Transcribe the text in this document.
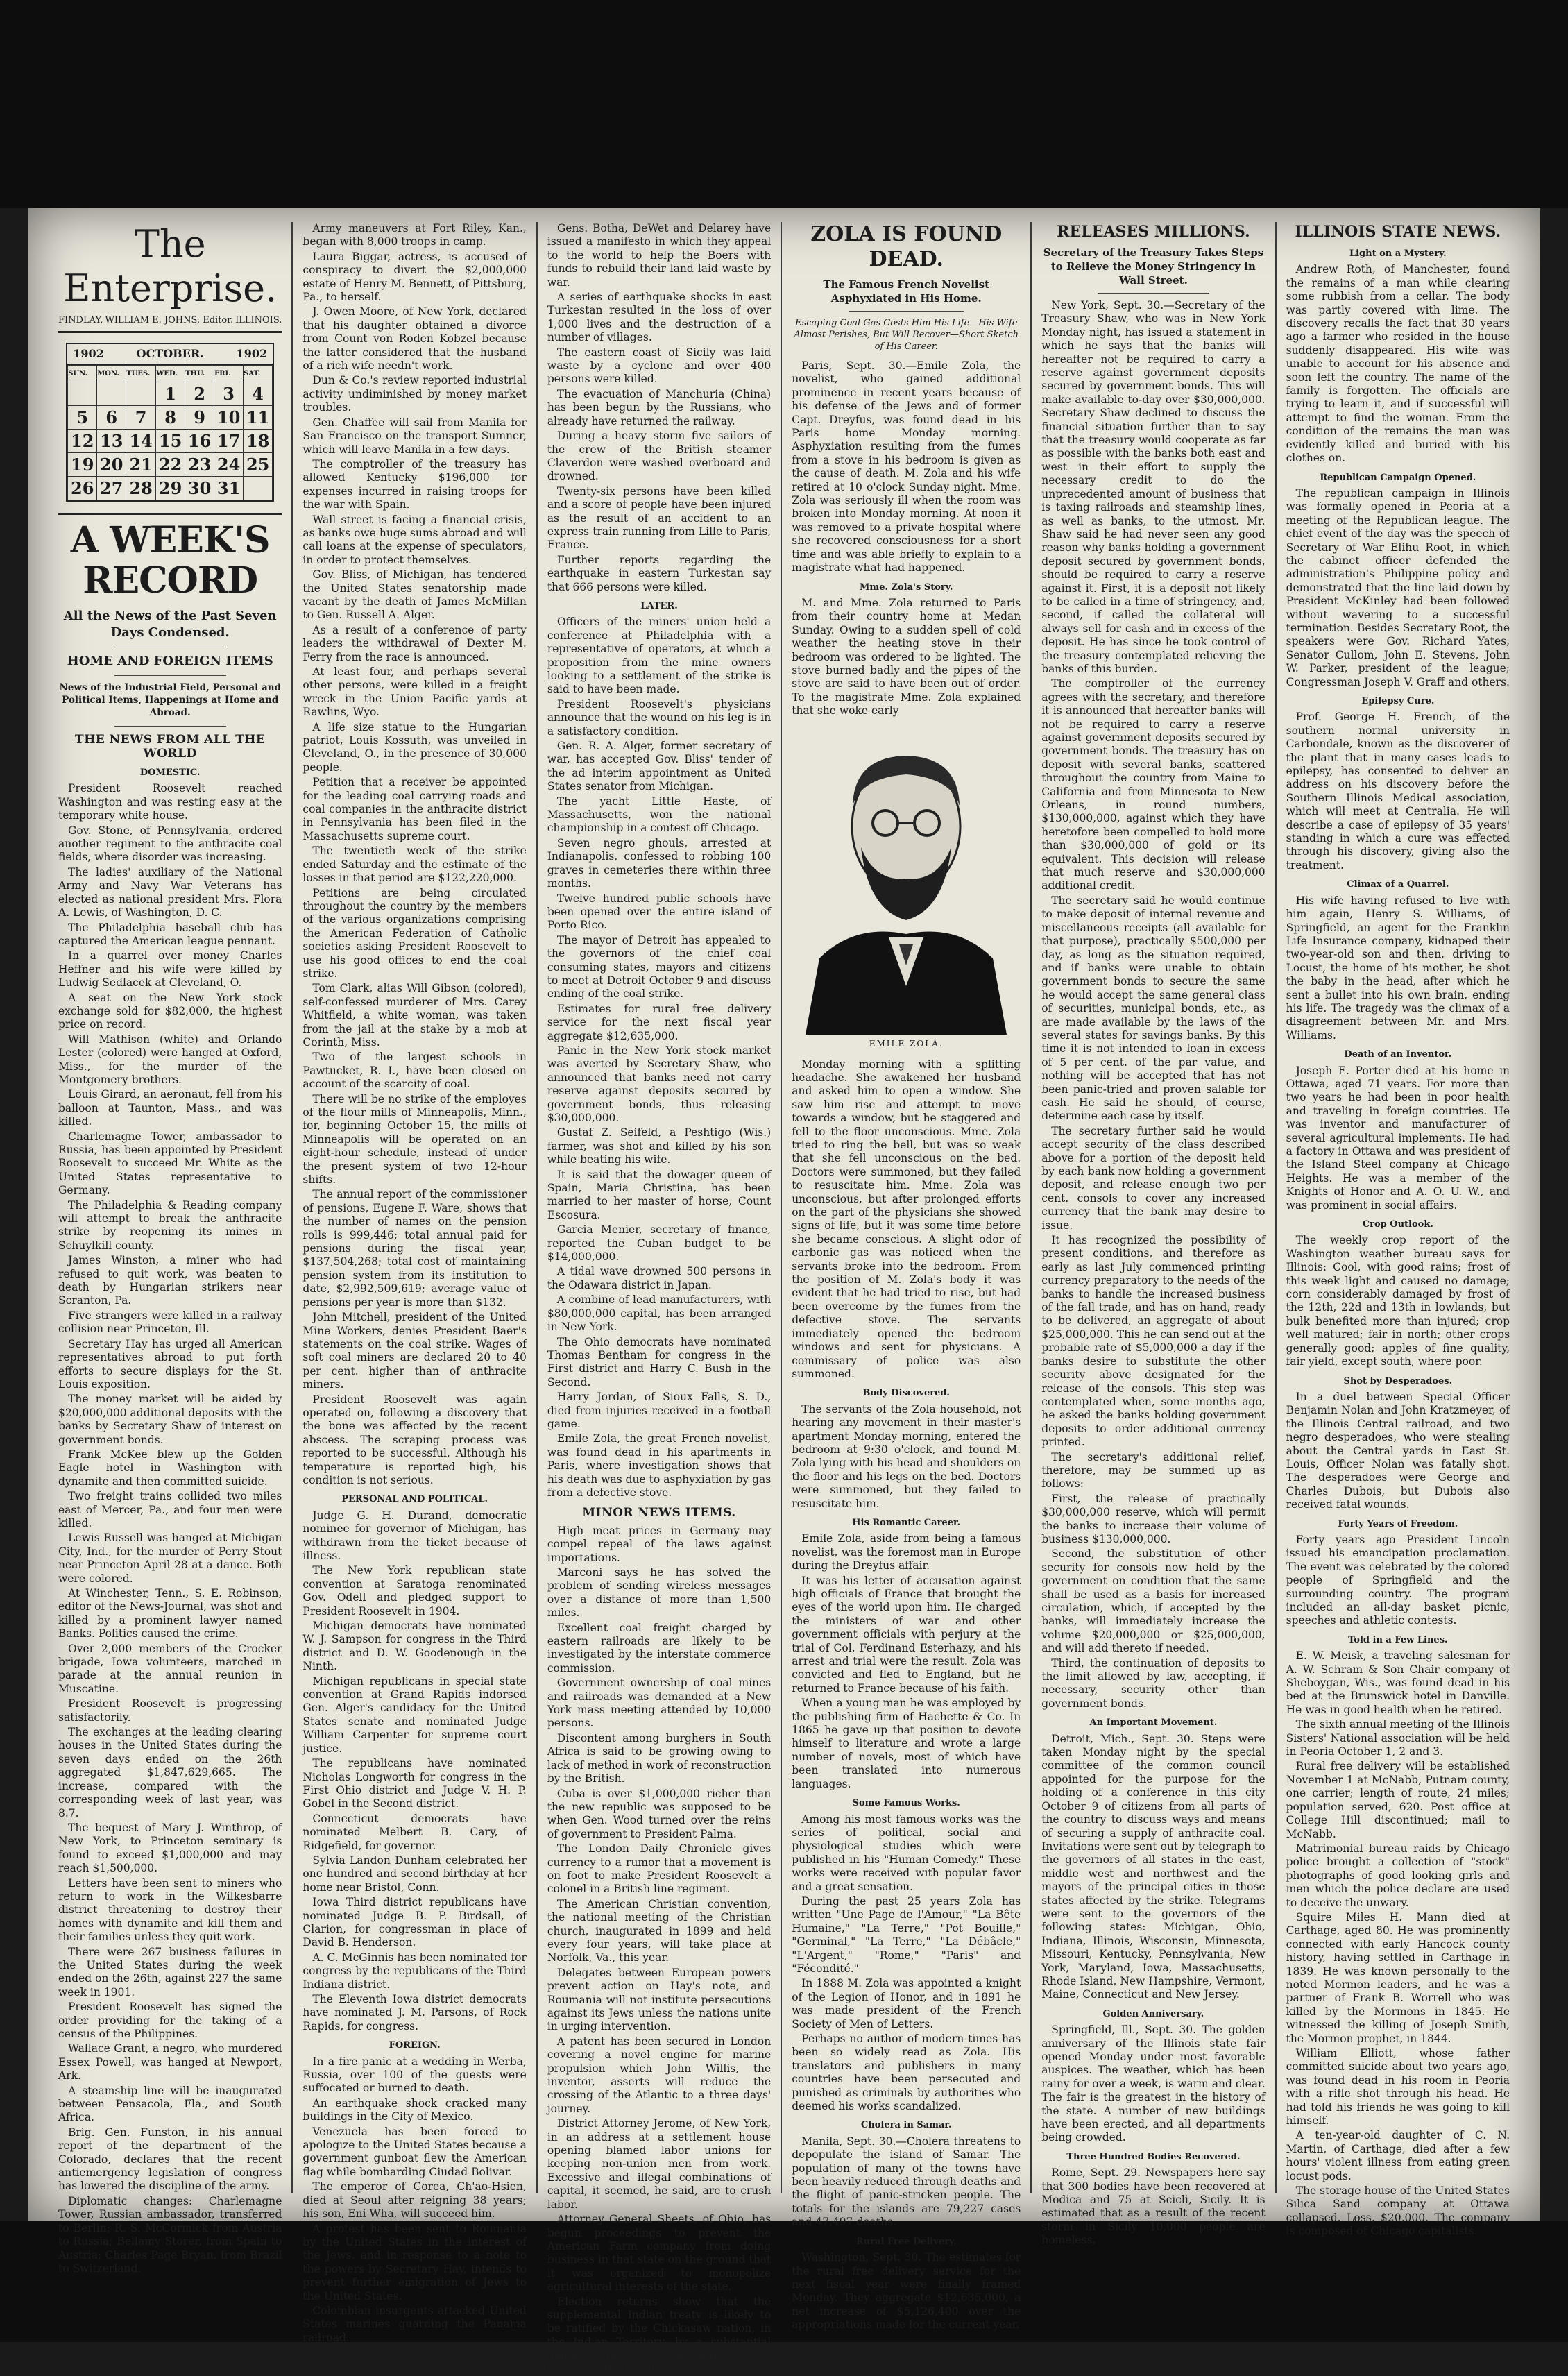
The Enterprise.
FINDLAY, WILLIAM E. JOHNS, Editor. ILLINOIS.
1902	OCTOBER.	1902
SUN.	MON.	TUES.	WED.	THU.	FRI.	SAT.
			1	2	3	4
5	6	7	8	9	10	11
12	13	14	15	16	17	18
19	20	21	22	23	24	25
26	27	28	29	30	31	
A WEEK'S RECORD
All the News of the Past Seven Days Condensed.
HOME AND FOREIGN ITEMS
News of the Industrial Field, Personal and Political Items, Happenings at Home and Abroad.
THE NEWS FROM ALL THE WORLD
DOMESTIC.

President Roosevelt reached Washington and was resting easy at the temporary white house.

Gov. Stone, of Pennsylvania, ordered another regiment to the anthracite coal fields, where disorder was increasing.

The ladies' auxiliary of the National Army and Navy War Veterans has elected as national president Mrs. Flora A. Lewis, of Washington, D. C.

The Philadelphia baseball club has captured the American league pennant.

In a quarrel over money Charles Heffner and his wife were killed by Ludwig Sedlacek at Cleveland, O.

A seat on the New York stock exchange sold for $82,000, the highest price on record.

Will Mathison (white) and Orlando Lester (colored) were hanged at Oxford, Miss., for the murder of the Montgomery brothers.

Louis Girard, an aeronaut, fell from his balloon at Taunton, Mass., and was killed.

Charlemagne Tower, ambassador to Russia, has been appointed by President Roosevelt to succeed Mr. White as the United States representative to Germany.

The Philadelphia & Reading company will attempt to break the anthracite strike by reopening its mines in Schuylkill county.

James Winston, a miner who had refused to quit work, was beaten to death by Hungarian strikers near Scranton, Pa.

Five strangers were killed in a railway collision near Princeton, Ill.

Secretary Hay has urged all American representatives abroad to put forth efforts to secure displays for the St. Louis exposition.

The money market will be aided by $20,000,000 additional deposits with the banks by Secretary Shaw of interest on government bonds.

Frank McKee blew up the Golden Eagle hotel in Washington with dynamite and then committed suicide.

Two freight trains collided two miles east of Mercer, Pa., and four men were killed.

Lewis Russell was hanged at Michigan City, Ind., for the murder of Perry Stout near Princeton April 28 at a dance. Both were colored.

At Winchester, Tenn., S. E. Robinson, editor of the News-Journal, was shot and killed by a prominent lawyer named Banks. Politics caused the crime.

Over 2,000 members of the Crocker brigade, Iowa volunteers, marched in parade at the annual reunion in Muscatine.

President Roosevelt is progressing satisfactorily.

The exchanges at the leading clearing houses in the United States during the seven days ended on the 26th aggregated $1,847,629,665. The increase, compared with the corresponding week of last year, was 8.7.

The bequest of Mary J. Winthrop, of New York, to Princeton seminary is found to exceed $1,000,000 and may reach $1,500,000.

Letters have been sent to miners who return to work in the Wilkesbarre district threatening to destroy their homes with dynamite and kill them and their families unless they quit work.

There were 267 business failures in the United States during the week ended on the 26th, against 227 the same week in 1901.

President Roosevelt has signed the order providing for the taking of a census of the Philippines.

Wallace Grant, a negro, who murdered Essex Powell, was hanged at Newport, Ark.

A steamship line will be inaugurated between Pensacola, Fla., and South Africa.

Brig. Gen. Funston, in his annual report of the department of the Colorado, declares that the recent antiemergency legislation of congress has lowered the discipline of the army.

Diplomatic changes: Charlemagne Tower, Russian ambassador, transferred to Berlin; R. S. McCormick from Austria to Russia; Bellamy Storer, from Spain to Austria; Charles Page Bryan, from Brazil to Switzerland.

Army maneuvers at Fort Riley, Kan., began with 8,000 troops in camp.

Laura Biggar, actress, is accused of conspiracy to divert the $2,000,000 estate of Henry M. Bennett, of Pittsburg, Pa., to herself.

J. Owen Moore, of New York, declared that his daughter obtained a divorce from Count von Roden Kobzel because the latter considered that the husband of a rich wife needn't work.

Dun & Co.'s review reported industrial activity undiminished by money market troubles.

Gen. Chaffee will sail from Manila for San Francisco on the transport Sumner, which will leave Manila in a few days.

The comptroller of the treasury has allowed Kentucky $196,000 for expenses incurred in raising troops for the war with Spain.

Wall street is facing a financial crisis, as banks owe huge sums abroad and will call loans at the expense of speculators, in order to protect themselves.

Gov. Bliss, of Michigan, has tendered the United States senatorship made vacant by the death of James McMillan to Gen. Russell A. Alger.

As a result of a conference of party leaders the withdrawal of Dexter M. Ferry from the race is announced.

At least four, and perhaps several other persons, were killed in a freight wreck in the Union Pacific yards at Rawlins, Wyo.

A life size statue to the Hungarian patriot, Louis Kossuth, was unveiled in Cleveland, O., in the presence of 30,000 people.

Petition that a receiver be appointed for the leading coal carrying roads and coal companies in the anthracite district in Pennsylvania has been filed in the Massachusetts supreme court.

The twentieth week of the strike ended Saturday and the estimate of the losses in that period are $122,220,000.

Petitions are being circulated throughout the country by the members of the various organizations comprising the American Federation of Catholic societies asking President Roosevelt to use his good offices to end the coal strike.

Tom Clark, alias Will Gibson (colored), self-confessed murderer of Mrs. Carey Whitfield, a white woman, was taken from the jail at the stake by a mob at Corinth, Miss.

Two of the largest schools in Pawtucket, R. I., have been closed on account of the scarcity of coal.

There will be no strike of the employes of the flour mills of Minneapolis, Minn., for, beginning October 15, the mills of Minneapolis will be operated on an eight-hour schedule, instead of under the present system of two 12-hour shifts.

The annual report of the commissioner of pensions, Eugene F. Ware, shows that the number of names on the pension rolls is 999,446; total annual paid for pensions during the fiscal year, $137,504,268; total cost of maintaining pension system from its institution to date, $2,992,509,619; average value of pensions per year is more than $132.

John Mitchell, president of the United Mine Workers, denies President Baer's statements on the coal strike. Wages of soft coal miners are declared 20 to 40 per cent. higher than of anthracite miners.

President Roosevelt was again operated on, following a discovery that the bone was affected by the recent abscess. The scraping process was reported to be successful. Although his temperature is reported high, his condition is not serious.

PERSONAL AND POLITICAL.

Judge G. H. Durand, democratic nominee for governor of Michigan, has withdrawn from the ticket because of illness.

The New York republican state convention at Saratoga renominated Gov. Odell and pledged support to President Roosevelt in 1904.

Michigan democrats have nominated W. J. Sampson for congress in the Third district and D. W. Goodenough in the Ninth.

Michigan republicans in special state convention at Grand Rapids indorsed Gen. Alger's candidacy for the United States senate and nominated Judge William Carpenter for supreme court justice.

The republicans have nominated Nicholas Longworth for congress in the First Ohio district and Judge V. H. P. Gobel in the Second district.

Connecticut democrats have nominated Melbert B. Cary, of Ridgefield, for governor.

Sylvia Landon Dunham celebrated her one hundred and second birthday at her home near Bristol, Conn.

Iowa Third district republicans have nominated Judge B. P. Birdsall, of Clarion, for congressman in place of David B. Henderson.

A. C. McGinnis has been nominated for congress by the republicans of the Third Indiana district.

The Eleventh Iowa district democrats have nominated J. M. Parsons, of Rock Rapids, for congress.

FOREIGN.

In a fire panic at a wedding in Werba, Russia, over 100 of the guests were suffocated or burned to death.

An earthquake shock cracked many buildings in the City of Mexico.

Venezuela has been forced to apologize to the United States because a government gunboat flew the American flag while bombarding Ciudad Bolivar.

The emperor of Corea, Ch'ao-Hsien, died at Seoul after reigning 38 years; his son, Eni Wha, will succeed him.

A protest has been sent to Roumania by the United States in the interest of the Jews, and in response to a note to the powers by Secretary Hay, intends to prevent further emigration of Jews to the United States.

Colombian insurgents attacked United States marines guarding the Panama railroad.

Gens. Botha, DeWet and Delarey have issued a manifesto in which they appeal to the world to help the Boers with funds to rebuild their land laid waste by war.

A series of earthquake shocks in east Turkestan resulted in the loss of over 1,000 lives and the destruction of a number of villages.

The eastern coast of Sicily was laid waste by a cyclone and over 400 persons were killed.

The evacuation of Manchuria (China) has been begun by the Russians, who already have returned the railway.

During a heavy storm five sailors of the crew of the British steamer Claverdon were washed overboard and drowned.

Twenty-six persons have been killed and a score of people have been injured as the result of an accident to an express train running from Lille to Paris, France.

Further reports regarding the earthquake in eastern Turkestan say that 666 persons were killed.

LATER.

Officers of the miners' union held a conference at Philadelphia with a representative of operators, at which a proposition from the mine owners looking to a settlement of the strike is said to have been made.

President Roosevelt's physicians announce that the wound on his leg is in a satisfactory condition.

Gen. R. A. Alger, former secretary of war, has accepted Gov. Bliss' tender of the ad interim appointment as United States senator from Michigan.

The yacht Little Haste, of Massachusetts, won the national championship in a contest off Chicago.

Seven negro ghouls, arrested at Indianapolis, confessed to robbing 100 graves in cemeteries there within three months.

Twelve hundred public schools have been opened over the entire island of Porto Rico.

The mayor of Detroit has appealed to the governors of the chief coal consuming states, mayors and citizens to meet at Detroit October 9 and discuss ending of the coal strike.

Estimates for rural free delivery service for the next fiscal year aggregate $12,635,000.

Panic in the New York stock market was averted by Secretary Shaw, who announced that banks need not carry reserve against deposits secured by government bonds, thus releasing $30,000,000.

Gustaf Z. Seifeld, a Peshtigo (Wis.) farmer, was shot and killed by his son while beating his wife.

It is said that the dowager queen of Spain, Maria Christina, has been married to her master of horse, Count Escosura.

Garcia Menier, secretary of finance, reported the Cuban budget to be $14,000,000.

A tidal wave drowned 500 persons in the Odawara district in Japan.

A combine of lead manufacturers, with $80,000,000 capital, has been arranged in New York.

The Ohio democrats have nominated Thomas Bentham for congress in the First district and Harry C. Bush in the Second.

Harry Jordan, of Sioux Falls, S. D., died from injuries received in a football game.

Emile Zola, the great French novelist, was found dead in his apartments in Paris, where investigation shows that his death was due to asphyxiation by gas from a defective stove.

MINOR NEWS ITEMS.

High meat prices in Germany may compel repeal of the laws against importations.

Marconi says he has solved the problem of sending wireless messages over a distance of more than 1,500 miles.

Excellent coal freight charged by eastern railroads are likely to be investigated by the interstate commerce commission.

Government ownership of coal mines and railroads was demanded at a New York mass meeting attended by 10,000 persons.

Discontent among burghers in South Africa is said to be growing owing to lack of method in work of reconstruction by the British.

Cuba is over $1,000,000 richer than the new republic was supposed to be when Gen. Wood turned over the reins of government to President Palma.

The London Daily Chronicle gives currency to a rumor that a movement is on foot to make President Roosevelt a colonel in a British line regiment.

The American Christian convention, the national meeting of the Christian church, inaugurated in 1899 and held every four years, will take place at Norfolk, Va., this year.

Delegates between European powers prevent action on Hay's note, and Roumania will not institute persecutions against its Jews unless the nations unite in urging intervention.

A patent has been secured in London covering a novel engine for marine propulsion which John Willis, the inventor, asserts will reduce the crossing of the Atlantic to a three days' journey.

District Attorney Jerome, of New York, in an address at a settlement house opening blamed labor unions for keeping non-union men from work. Excessive and illegal combinations of capital, it seemed, he said, are to crush labor.

Attorney General Sheets, of Ohio, has begun proceedings to prevent the American Farm company from doing business in that state on the ground that it was organized to monopolize agricultural interests of the state.

Election returns show that the supplemental Indian treaty is likely to be ratified by the Chickasaw nation, in the Indian Territory, by a substantial majority. The purpose of the treaty is to terminate the tribal government.

ZOLA IS FOUND DEAD.
The Famous French Novelist Asphyxiated in His Home.
Escaping Coal Gas Costs Him His Life—His Wife Almost Perishes, But Will Recover—Short Sketch of His Career.

Paris, Sept. 30.—Emile Zola, the novelist, who gained additional prominence in recent years because of his defense of the Jews and of former Capt. Dreyfus, was found dead in his Paris home Monday morning. Asphyxiation resulting from the fumes from a stove in his bedroom is given as the cause of death. M. Zola and his wife retired at 10 o'clock Sunday night. Mme. Zola was seriously ill when the room was broken into Monday morning. At noon it was removed to a private hospital where she recovered consciousness for a short time and was able briefly to explain to a magistrate what had happened.

Mme. Zola's Story.

M. and Mme. Zola returned to Paris from their country home at Medan Sunday. Owing to a sudden spell of cold weather the heating stove in their bedroom was ordered to be lighted. The stove burned badly and the pipes of the stove are said to have been out of order. To the magistrate Mme. Zola explained that she woke early

EMILE ZOLA.

Monday morning with a splitting headache. She awakened her husband and asked him to open a window. She saw him rise and attempt to move towards a window, but he staggered and fell to the floor unconscious. Mme. Zola tried to ring the bell, but was so weak that she fell unconscious on the bed. Doctors were summoned, but they failed to resuscitate him. Mme. Zola was unconscious, but after prolonged efforts on the part of the physicians she showed signs of life, but it was some time before she became conscious. A slight odor of carbonic gas was noticed when the servants broke into the bedroom. From the position of M. Zola's body it was evident that he had tried to rise, but had been overcome by the fumes from the defective stove. The servants immediately opened the bedroom windows and sent for physicians. A commissary of police was also summoned.

Body Discovered.

The servants of the Zola household, not hearing any movement in their master's apartment Monday morning, entered the bedroom at 9:30 o'clock, and found M. Zola lying with his head and shoulders on the floor and his legs on the bed. Doctors were summoned, but they failed to resuscitate him.

His Romantic Career.

Emile Zola, aside from being a famous novelist, was the foremost man in Europe during the Dreyfus affair.

It was his letter of accusation against high officials of France that brought the eyes of the world upon him. He charged the ministers of war and other government officials with perjury at the trial of Col. Ferdinand Esterhazy, and his arrest and trial were the result. Zola was convicted and fled to England, but he returned to France because of his faith.

When a young man he was employed by the publishing firm of Hachette & Co. In 1865 he gave up that position to devote himself to literature and wrote a large number of novels, most of which have been translated into numerous languages.

Some Famous Works.

Among his most famous works was the series of political, social and physiological studies which were published in his "Human Comedy." These works were received with popular favor and a great sensation.

During the past 25 years Zola has written "Une Page de l'Amour," "La Bête Humaine," "La Terre," "Pot Bouille," "Germinal," "La Terre," "La Débâcle," "L'Argent," "Rome," "Paris" and "Fécondité."

In 1888 M. Zola was appointed a knight of the Legion of Honor, and in 1891 he was made president of the French Society of Men of Letters.

Perhaps no author of modern times has been so widely read as Zola. His translators and publishers in many countries have been persecuted and punished as criminals by authorities who deemed his works scandalized.

Cholera in Samar.

Manila, Sept. 30.—Cholera threatens to depopulate the island of Samar. The population of many of the towns have been heavily reduced through deaths and the flight of panic-stricken people. The totals for the islands are 79,227 cases and 47,497 deaths.

Rural Free Delivery.

Washington, Sept. 30. The estimates for the rural free delivery service for the next fiscal year were finally framed Monday. They aggregate $12,635,000, a net increase of $5,126,400 over the appropriations made for the current year.

RELEASES MILLIONS.
Secretary of the Treasury Takes Steps to Relieve the Money Stringency in Wall Street.

New York, Sept. 30.—Secretary of the Treasury Shaw, who was in New York Monday night, has issued a statement in which he says that the banks will hereafter not be required to carry a reserve against government deposits secured by government bonds. This will make available to-day over $30,000,000. Secretary Shaw declined to discuss the financial situation further than to say that the treasury would cooperate as far as possible with the banks both east and west in their effort to supply the necessary credit to do the unprecedented amount of business that is taxing railroads and steamship lines, as well as banks, to the utmost. Mr. Shaw said he had never seen any good reason why banks holding a government deposit secured by government bonds, should be required to carry a reserve against it. First, it is a deposit not likely to be called in a time of stringency, and, second, if called the collateral will always sell for cash and in excess of the deposit. He has since he took control of the treasury contemplated relieving the banks of this burden.

The comptroller of the currency agrees with the secretary, and therefore it is announced that hereafter banks will not be required to carry a reserve against government deposits secured by government bonds. The treasury has on deposit with several banks, scattered throughout the country from Maine to California and from Minnesota to New Orleans, in round numbers, $130,000,000, against which they have heretofore been compelled to hold more than $30,000,000 of gold or its equivalent. This decision will release that much reserve and $30,000,000 additional credit.

The secretary said he would continue to make deposit of internal revenue and miscellaneous receipts (all available for that purpose), practically $500,000 per day, as long as the situation required, and if banks were unable to obtain government bonds to secure the same he would accept the same general class of securities, municipal bonds, etc., as are made available by the laws of the several states for savings banks. By this time it is not intended to loan in excess of 5 per cent. of the par value, and nothing will be accepted that has not been panic-tried and proven salable for cash. He said he should, of course, determine each case by itself.

The secretary further said he would accept security of the class described above for a portion of the deposit held by each bank now holding a government deposit, and release enough two per cent. consols to cover any increased currency that the bank may desire to issue.

It has recognized the possibility of present conditions, and therefore as early as last July commenced printing currency preparatory to the needs of the banks to handle the increased business of the fall trade, and has on hand, ready to be delivered, an aggregate of about $25,000,000. This he can send out at the probable rate of $5,000,000 a day if the banks desire to substitute the other security above designated for the release of the consols. This step was contemplated when, some months ago, he asked the banks holding government deposits to order additional currency printed.

The secretary's additional relief, therefore, may be summed up as follows:

First, the release of practically $30,000,000 reserve, which will permit the banks to increase their volume of business $130,000,000.

Second, the substitution of other security for consols now held by the government on condition that the same shall be used as a basis for increased circulation, which, if accepted by the banks, will immediately increase the volume $20,000,000 or $25,000,000, and will add thereto if needed.

Third, the continuation of deposits to the limit allowed by law, accepting, if necessary, security other than government bonds.

An Important Movement.

Detroit, Mich., Sept. 30. Steps were taken Monday night by the special committee of the common council appointed for the purpose for the holding of a conference in this city October 9 of citizens from all parts of the country to discuss ways and means of securing a supply of anthracite coal. Invitations were sent out by telegraph to the governors of all states in the east, middle west and northwest and the mayors of the principal cities in those states affected by the strike. Telegrams were sent to the governors of the following states: Michigan, Ohio, Indiana, Illinois, Wisconsin, Minnesota, Missouri, Kentucky, Pennsylvania, New York, Maryland, Iowa, Massachusetts, Rhode Island, New Hampshire, Vermont, Maine, Connecticut and New Jersey.

Golden Anniversary.

Springfield, Ill., Sept. 30. The golden anniversary of the Illinois state fair opened Monday under most favorable auspices. The weather, which has been rainy for over a week, is warm and clear. The fair is the greatest in the history of the state. A number of new buildings have been erected, and all departments being crowded.

Three Hundred Bodies Recovered.

Rome, Sept. 29. Newspapers here say that 300 bodies have been recovered at Modica and 75 at Scicli, Sicily. It is estimated that as a result of the recent storm in Sicily 10,000 people are homeless.

ILLINOIS STATE NEWS.
Light on a Mystery.

Andrew Roth, of Manchester, found the remains of a man while clearing some rubbish from a cellar. The body was partly covered with lime. The discovery recalls the fact that 30 years ago a farmer who resided in the house suddenly disappeared. His wife was unable to account for his absence and soon left the country. The name of the family is forgotten. The officials are trying to learn it, and if successful will attempt to find the woman. From the condition of the remains the man was evidently killed and buried with his clothes on.

Republican Campaign Opened.

The republican campaign in Illinois was formally opened in Peoria at a meeting of the Republican league. The chief event of the day was the speech of Secretary of War Elihu Root, in which the cabinet officer defended the administration's Philippine policy and demonstrated that the line laid down by President McKinley had been followed without wavering to a successful termination. Besides Secretary Root, the speakers were Gov. Richard Yates, Senator Cullom, John E. Stevens, John W. Parker, president of the league; Congressman Joseph V. Graff and others.

Epilepsy Cure.

Prof. George H. French, of the southern normal university in Carbondale, known as the discoverer of the plant that in many cases leads to epilepsy, has consented to deliver an address on his discovery before the Southern Illinois Medical association, which will meet at Centralia. He will describe a case of epilepsy of 35 years' standing in which a cure was effected through his discovery, giving also the treatment.

Climax of a Quarrel.

His wife having refused to live with him again, Henry S. Williams, of Springfield, an agent for the Franklin Life Insurance company, kidnaped their two-year-old son and then, driving to Locust, the home of his mother, he shot the baby in the head, after which he sent a bullet into his own brain, ending his life. The tragedy was the climax of a disagreement between Mr. and Mrs. Williams.

Death of an Inventor.

Joseph E. Porter died at his home in Ottawa, aged 71 years. For more than two years he had been in poor health and traveling in foreign countries. He was inventor and manufacturer of several agricultural implements. He had a factory in Ottawa and was president of the Island Steel company at Chicago Heights. He was a member of the Knights of Honor and A. O. U. W., and was prominent in social affairs.

Crop Outlook.

The weekly crop report of the Washington weather bureau says for Illinois: Cool, with good rains; frost of this week light and caused no damage; corn considerably damaged by frost of the 12th, 22d and 13th in lowlands, but bulk benefited more than injured; crop well matured; fair in north; other crops generally good; apples of fine quality, fair yield, except south, where poor.

Shot by Desperadoes.

In a duel between Special Officer Benjamin Nolan and John Kratzmeyer, of the Illinois Central railroad, and two negro desperadoes, who were stealing about the Central yards in East St. Louis, Officer Nolan was fatally shot. The desperadoes were George and Charles Dubois, but Dubois also received fatal wounds.

Forty Years of Freedom.

Forty years ago President Lincoln issued his emancipation proclamation. The event was celebrated by the colored people of Springfield and the surrounding country. The program included an all-day basket picnic, speeches and athletic contests.

Told in a Few Lines.

E. W. Meisk, a traveling salesman for A. W. Schram & Son Chair company of Sheboygan, Wis., was found dead in his bed at the Brunswick hotel in Danville. He was in good health when he retired.

The sixth annual meeting of the Illinois Sisters' National association will be held in Peoria October 1, 2 and 3.

Rural free delivery will be established November 1 at McNabb, Putnam county, one carrier; length of route, 24 miles; population served, 620. Post office at College Hill discontinued; mail to McNabb.

Matrimonial bureau raids by Chicago police brought a collection of "stock" photographs of good looking girls and men which the police declare are used to deceive the unwary.

Squire Miles H. Mann died at Carthage, aged 80. He was prominently connected with early Hancock county history, having settled in Carthage in 1839. He was known personally to the noted Mormon leaders, and he was a partner of Frank B. Worrell who was killed by the Mormons in 1845. He witnessed the killing of Joseph Smith, the Mormon prophet, in 1844.

William Elliott, whose father committed suicide about two years ago, was found dead in his room in Peoria with a rifle shot through his head. He had told his friends he was going to kill himself.

A ten-year-old daughter of C. N. Martin, of Carthage, died after a few hours' violent illness from eating green locust pods.

The storage house of the United States Silica Sand company at Ottawa collapsed. Loss, $20,000. The company is composed of Chicago capitalists.
